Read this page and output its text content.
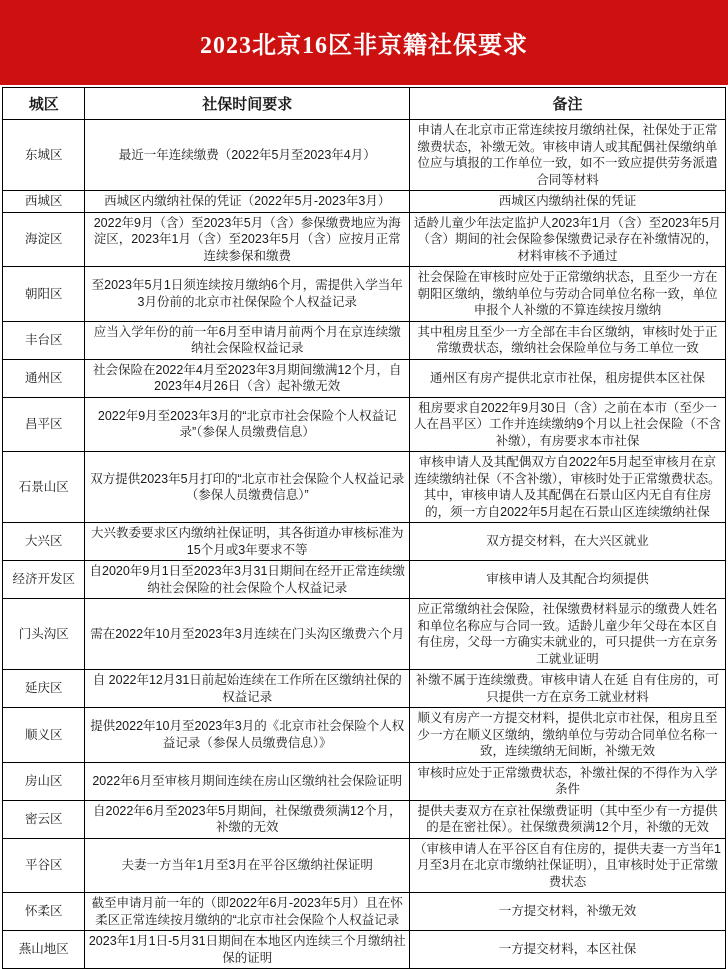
2023北京16区非京籍社保要求
城区	社保时间要求	备注
东城区	最近一年连续缴费（2022年5月至2023年4月）	申请人在北京市正常连续按月缴纳社保，社保处于正常缴费状态，补缴无效。审核申请人或其配偶社保缴纳单位应与填报的工作单位一致，如不一致应提供劳务派遣合同等材料
西城区	西城区内缴纳社保的凭证（2022年5月-2023年3月）	西城区内缴纳社保的凭证
海淀区	2022年9月（含）至2023年5月（含）参保缴费地应为海淀区，2023年1月（含）至2023年5月（含）应按月正常连续参保和缴费	适龄儿童少年法定监护人2023年1月（含）至2023年5月（含）期间的社会保险参保缴费记录存在补缴情况的，材料审核不予通过
朝阳区	至2023年5月1日须连续按月缴纳6个月，需提供入学当年3月份前的北京市社保保险个人权益记录	社会保险在审核时应处于正常缴纳状态，且至少一方在朝阳区缴纳，缴纳单位与劳动合同单位名称一致，单位申报个人补缴的不算连续按月缴纳
丰台区	应当入学年份的前一年6月至申请月前两个月在京连续缴纳社会保险权益记录	其中租房且至少一方全部在丰台区缴纳，审核时处于正常缴费状态，缴纳社会保险单位与务工单位一致
通州区	社会保险在2022年4月至2023年3月期间缴满12个月，自2023年4月26日（含）起补缴无效	通州区有房产提供北京市社保，租房提供本区社保
昌平区	2022年9月至2023年3月的“北京市社会保险个人权益记录”（参保人员缴费信息）	租房要求自2022年9月30日（含）之前在本市（至少一人在昌平区）工作并连续缴纳9个月以上社会保险（不含补缴），有房要求本市社保
石景山区	双方提供2023年5月打印的“北京市社会保险个人权益记录（参保人员缴费信息）”	审核申请人及其配偶双方自2022年5月起至审核月在京连续缴纳社保（不含补缴），审核时处于正常缴费状态。其中，审核申请人及其配偶在石景山区内无自有住房的，须一方自2022年5月起在石景山区连续缴纳社保
大兴区	大兴教委要求区内缴纳社保证明，其各街道办审核标准为15个月或3年要求不等	双方提交材料，在大兴区就业
经济开发区	自2020年9月1日至2023年3月31日期间在经开正常连续缴纳社会保险的社会保险个人权益记录	审核申请人及其配合均须提供
门头沟区	需在2022年10月至2023年3月连续在门头沟区缴费六个月	应正常缴纳社会保险，社保缴费材料显示的缴费人姓名和单位名称应与合同一致。适龄儿童少年父母在本区自有住房，父母一方确实未就业的，可只提供一方在京务工就业证明
延庆区	自 2022年12月31日前起始连续在工作所在区缴纳社保的权益记录	补缴不属于连续缴费。审核申请人在延 自有住房的，可只提供一方在京务工就业材料
顺义区	提供2022年10月至2023年3月的《北京市社会保险个人权益记录（参保人员缴费信息）》	顺义有房产一方提交材料，提供北京市社保，租房且至少一方在顺义区缴纳，缴纳单位与劳动合同单位名称一致，连续缴纳无间断，补缴无效
房山区	2022年6月至审核月期间连续在房山区缴纳社会保险证明	审核时应处于正常缴费状态，补缴社保的不得作为入学条件
密云区	自2022年6月至2023年5月期间，社保缴费须满12个月，补缴的无效	提供夫妻双方在京社保缴费证明（其中至少有一方提供的是在密社保）。社保缴费须满12个月，补缴的无效
平谷区	夫妻一方当年1月至3月在平谷区缴纳社保证明	（审核申请人在平谷区自有住房的，提供夫妻一方当年1月至3月在北京市缴纳社保证明），且审核时处于正常缴费状态
怀柔区	截至申请月前一年的（即2022年6月-2023年5月）且在怀柔区正常连续按月缴纳的“北京市社会保险个人权益记录	一方提交材料，补缴无效
燕山地区	2023年1月1日-5月31日期间在本地区内连续三个月缴纳社保的证明	一方提交材料，本区社保
